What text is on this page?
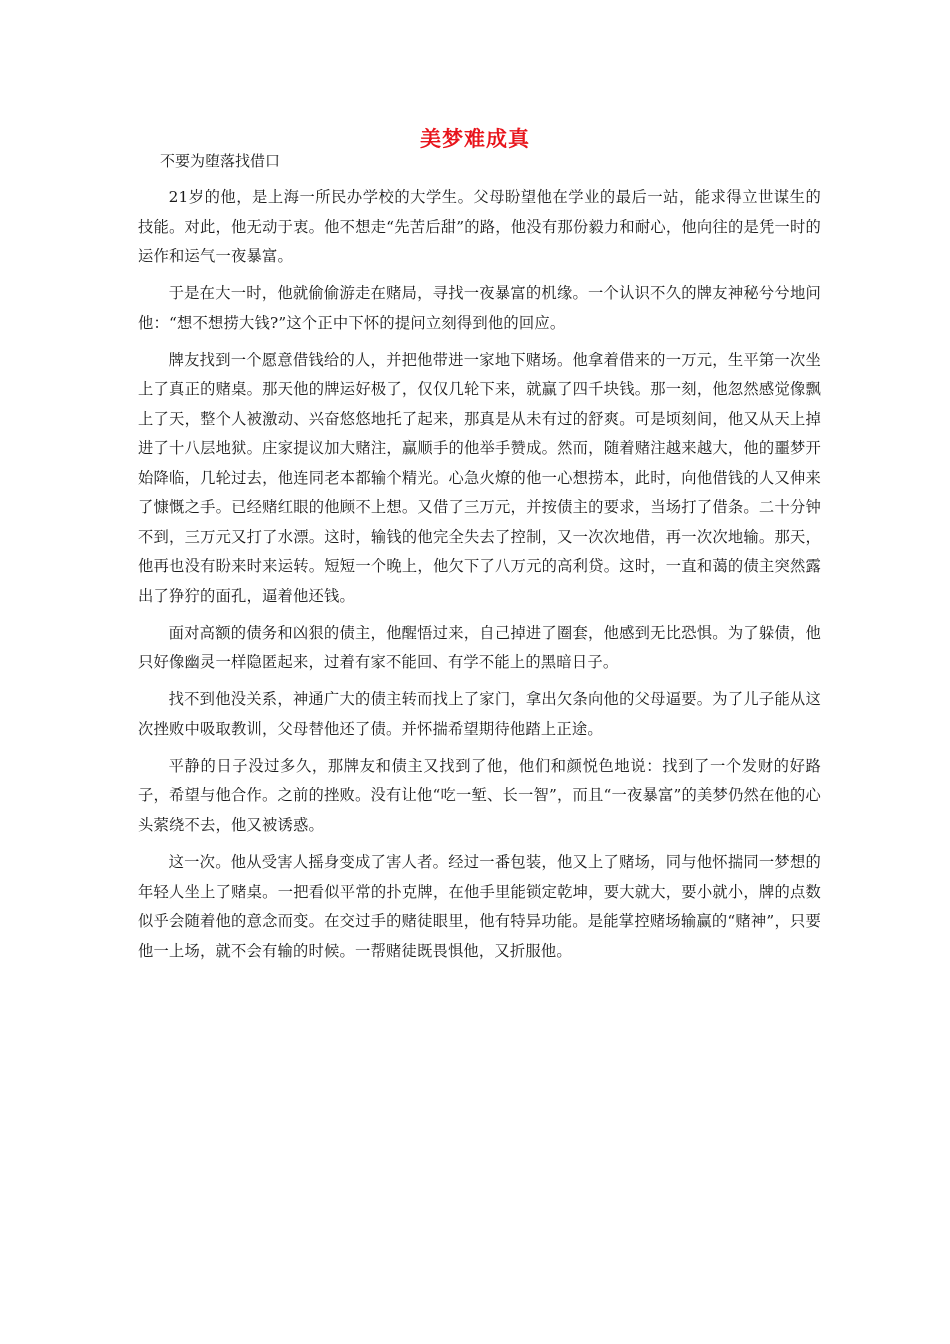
美梦难成真

不要为堕落找借口

21岁的他，是上海一所民办学校的大学生。父母盼望他在学业的最后一站，能求得立世谋生的技能。对此，他无动于衷。他不想走“先苦后甜”的路，他没有那份毅力和耐心，他向往的是凭一时的运作和运气一夜暴富。

于是在大一时，他就偷偷游走在赌局，寻找一夜暴富的机缘。一个认识不久的牌友神秘兮兮地问他：“想不想捞大钱?”这个正中下怀的提问立刻得到他的回应。

牌友找到一个愿意借钱给的人，并把他带进一家地下赌场。他拿着借来的一万元，生平第一次坐上了真正的赌桌。那天他的牌运好极了，仅仅几轮下来，就赢了四千块钱。那一刻，他忽然感觉像飘上了天，整个人被激动、兴奋悠悠地托了起来，那真是从未有过的舒爽。可是顷刻间，他又从天上掉进了十八层地狱。庄家提议加大赌注，赢顺手的他举手赞成。然而，随着赌注越来越大，他的噩梦开始降临，几轮过去，他连同老本都输个精光。心急火燎的他一心想捞本，此时，向他借钱的人又伸来了慷慨之手。已经赌红眼的他顾不上想。又借了三万元，并按债主的要求，当场打了借条。二十分钟不到，三万元又打了水漂。这时，输钱的他完全失去了控制，又一次次地借，再一次次地输。那天，他再也没有盼来时来运转。短短一个晚上，他欠下了八万元的高利贷。这时，一直和蔼的债主突然露出了狰狞的面孔，逼着他还钱。

面对高额的债务和凶狠的债主，他醒悟过来，自己掉进了圈套，他感到无比恐惧。为了躲债，他只好像幽灵一样隐匿起来，过着有家不能回、有学不能上的黑暗日子。

找不到他没关系，神通广大的债主转而找上了家门，拿出欠条向他的父母逼要。为了儿子能从这次挫败中吸取教训，父母替他还了债。并怀揣希望期待他踏上正途。

平静的日子没过多久，那牌友和债主又找到了他，他们和颜悦色地说：找到了一个发财的好路子，希望与他合作。之前的挫败。没有让他“吃一堑、长一智”，而且“一夜暴富”的美梦仍然在他的心头萦绕不去，他又被诱惑。

这一次。他从受害人摇身变成了害人者。经过一番包装，他又上了赌场，同与他怀揣同一梦想的年轻人坐上了赌桌。一把看似平常的扑克牌，在他手里能锁定乾坤，要大就大，要小就小，牌的点数似乎会随着他的意念而变。在交过手的赌徒眼里，他有特异功能。是能掌控赌场输赢的“赌神”，只要他一上场，就不会有输的时候。一帮赌徒既畏惧他，又折服他。
